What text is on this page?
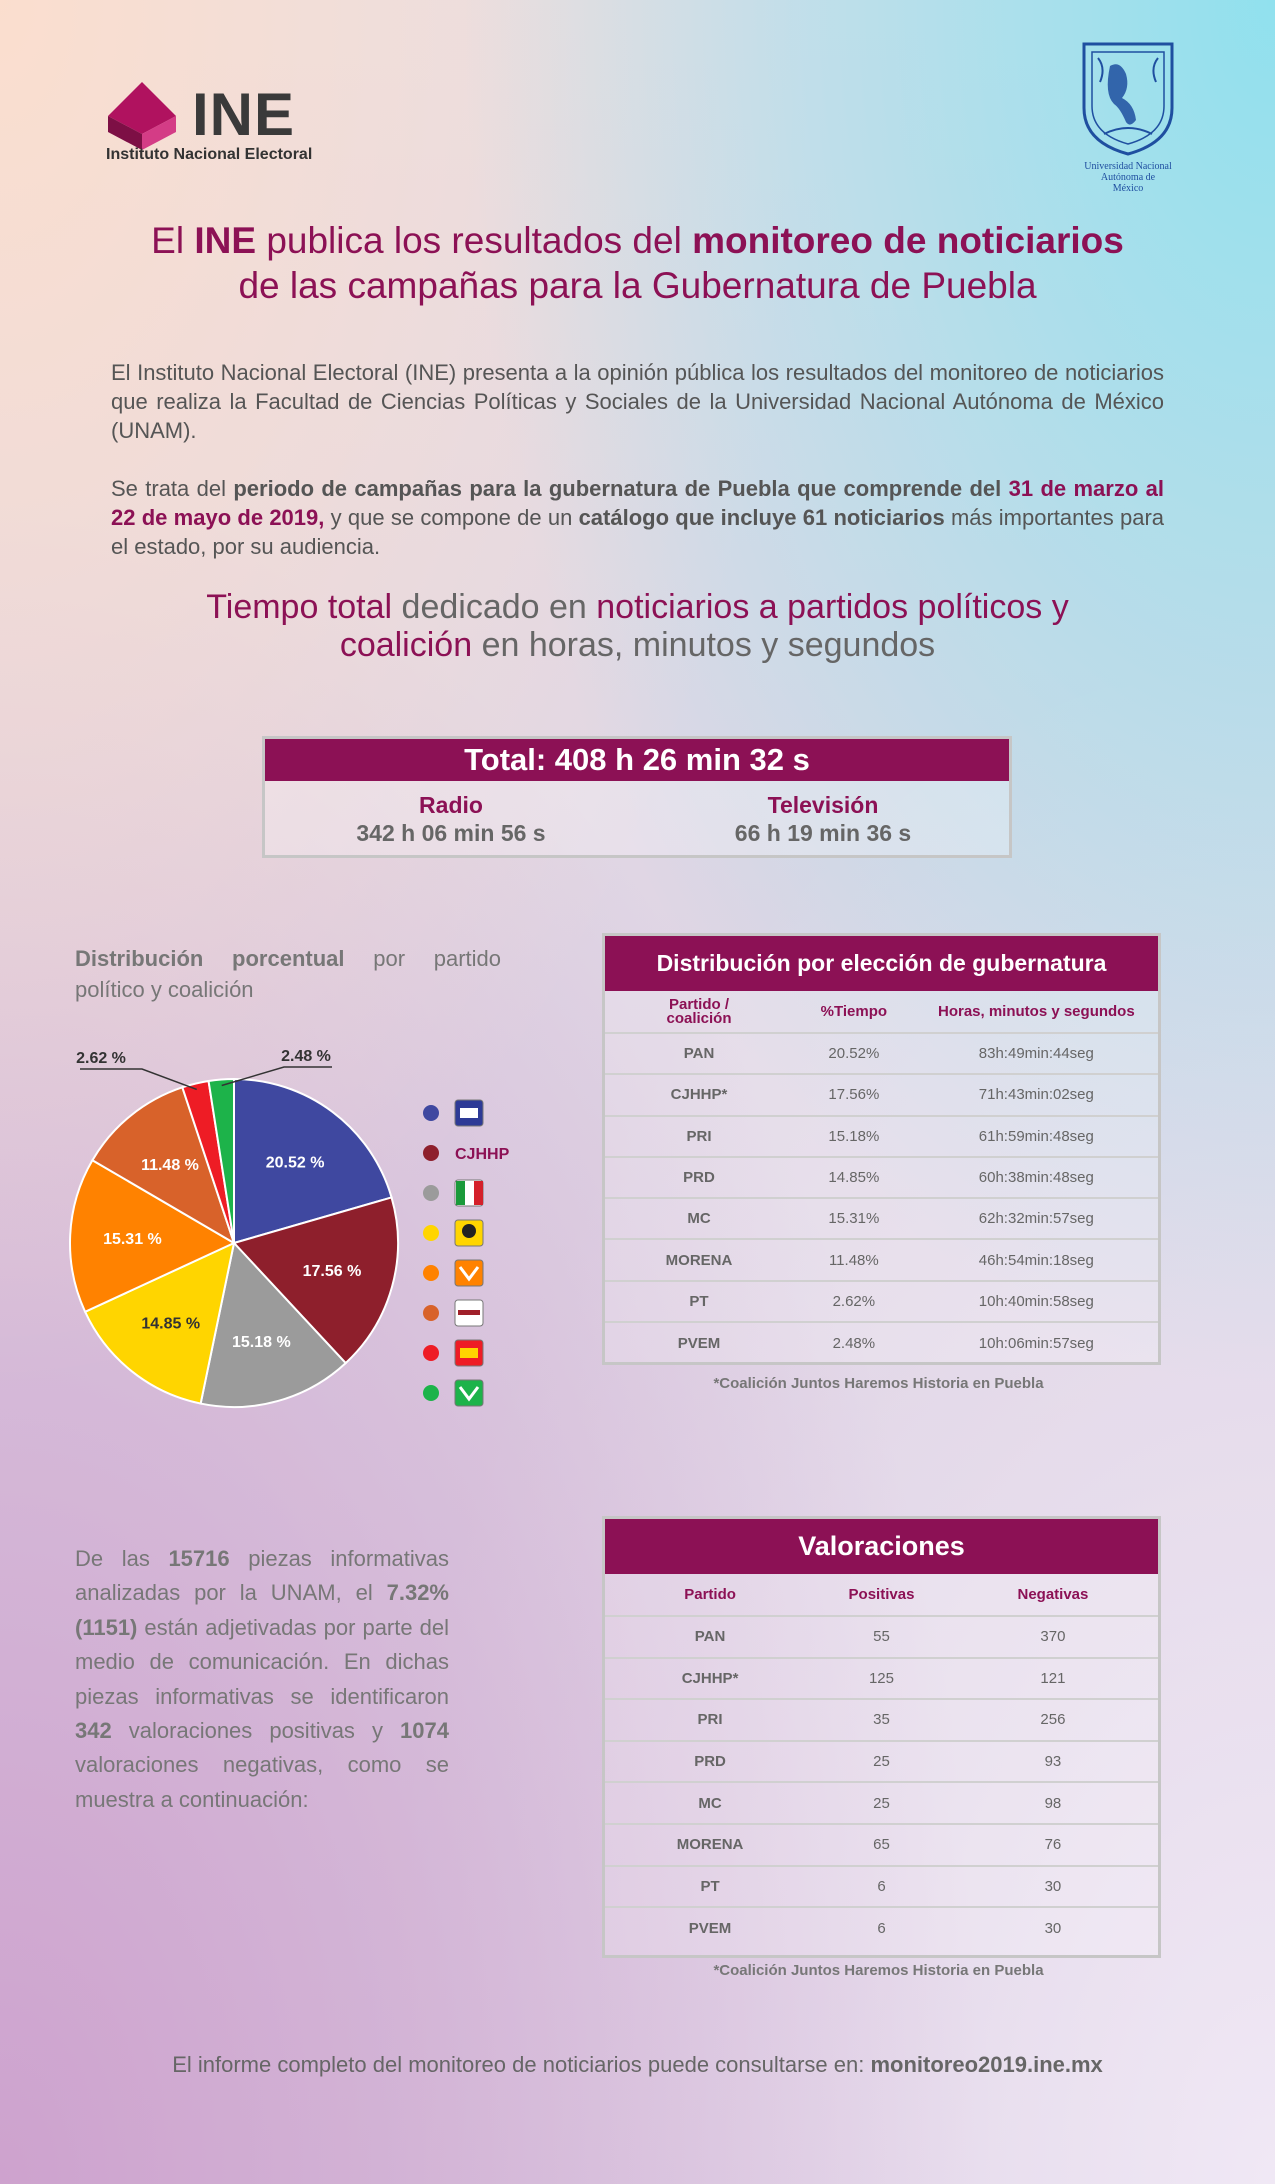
INE
Instituto Nacional Electoral
Universidad Nacional
Autónoma de
México
El INE publica los resultados del monitoreo de noticiarios
de las campañas para la Gubernatura de Puebla
El Instituto Nacional Electoral (INE) presenta a la opinión pública los resultados del monitoreo de noticiarios que realiza la Facultad de Ciencias Políticas y Sociales de la Universidad Nacional Autónoma de México (UNAM).
Se trata del periodo de campañas para la gubernatura de Puebla que comprende del 31 de marzo al 22 de mayo de 2019, y que se compone de un catálogo que incluye 61 noticiarios más importantes para el estado, por su audiencia.
Tiempo total dedicado en noticiarios a partidos políticos y
coalición en horas, minutos y segundos
Total: 408 h 26 min 32 s
Radio
342 h 06 min 56 s
Televisión
66 h 19 min 36 s
Distribución porcentual por partido político y coalición
20.52 %
17.56 %
15.18 %
14.85 %
15.31 %
11.48 %
2.62 %	2.48 %
CJHHP
Distribución por elección de gubernatura
Partido /
coalición	%Tiempo	Horas, minutos y segundos
PAN	20.52%	83h:49min:44seg
CJHHP*	17.56%	71h:43min:02seg
PRI	15.18%	61h:59min:48seg
PRD	14.85%	60h:38min:48seg
MC	15.31%	62h:32min:57seg
MORENA	11.48%	46h:54min:18seg
PT	2.62%	10h:40min:58seg
PVEM	2.48%	10h:06min:57seg
*Coalición Juntos Haremos Historia en Puebla
De las 15716 piezas informativas analizadas por la UNAM, el 7.32% (1151) están adjetivadas por parte del medio de comunicación. En dichas piezas informativas se identificaron 342 valoraciones positivas y 1074 valoraciones negativas, como se muestra a continuación:
Valoraciones
Partido	Positivas	Negativas
PAN	55	370
CJHHP*	125	121
PRI	35	256
PRD	25	93
MC	25	98
MORENA	65	76
PT	6	30
PVEM	6	30
*Coalición Juntos Haremos Historia en Puebla
El informe completo del monitoreo de noticiarios puede consultarse en: monitoreo2019.ine.mx
